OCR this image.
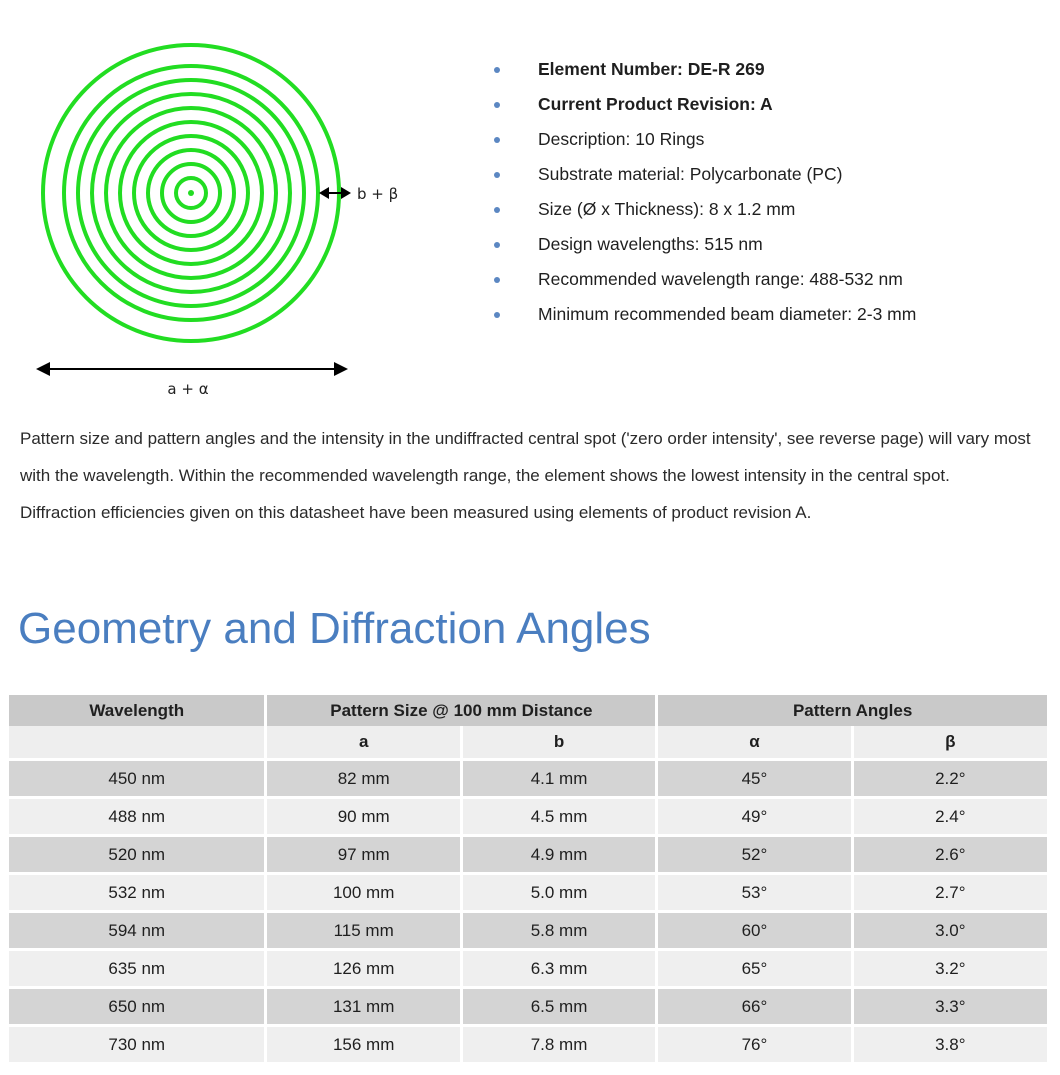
b + β
a + α
Element Number: DE-R 269
Current Product Revision: A
Description: 10 Rings
Substrate material: Polycarbonate (PC)
Size (Ø x Thickness): 8 x 1.2 mm
Design wavelengths: 515 nm
Recommended wavelength range: 488-532 nm
Minimum recommended beam diameter: 2-3 mm

Pattern size and pattern angles and the intensity in the undiffracted central spot ('zero order intensity', see reverse page) will vary most with the wavelength. Within the recommended wavelength range, the element shows the lowest intensity in the central spot.

Diffraction efficiencies given on this datasheet have been measured using elements of product revision A.

Geometry and Diffraction Angles
Wavelength	Pattern Size @ 100 mm Distance		Pattern Angles	
	a	b	α	β
450 nm	82 mm	4.1 mm	45°	2.2°
488 nm	90 mm	4.5 mm	49°	2.4°
520 nm	97 mm	4.9 mm	52°	2.6°
532 nm	100 mm	5.0 mm	53°	2.7°
594 nm	115 mm	5.8 mm	60°	3.0°
635 nm	126 mm	6.3 mm	65°	3.2°
650 nm	131 mm	6.5 mm	66°	3.3°
730 nm	156 mm	7.8 mm	76°	3.8°
